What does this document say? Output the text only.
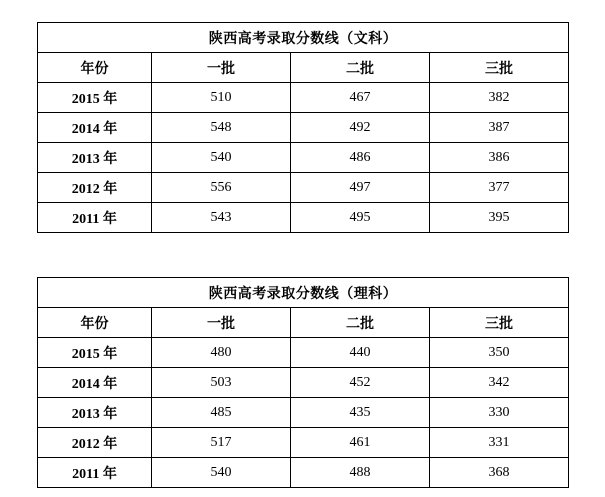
陕西高考录取分数线（文科）			
年份	一批	二批	三批
2015 年	510	467	382
2014 年	548	492	387
2013 年	540	486	386
2012 年	556	497	377
2011 年	543	495	395
陕西高考录取分数线（理科）			
年份	一批	二批	三批
2015 年	480	440	350
2014 年	503	452	342
2013 年	485	435	330
2012 年	517	461	331
2011 年	540	488	368
